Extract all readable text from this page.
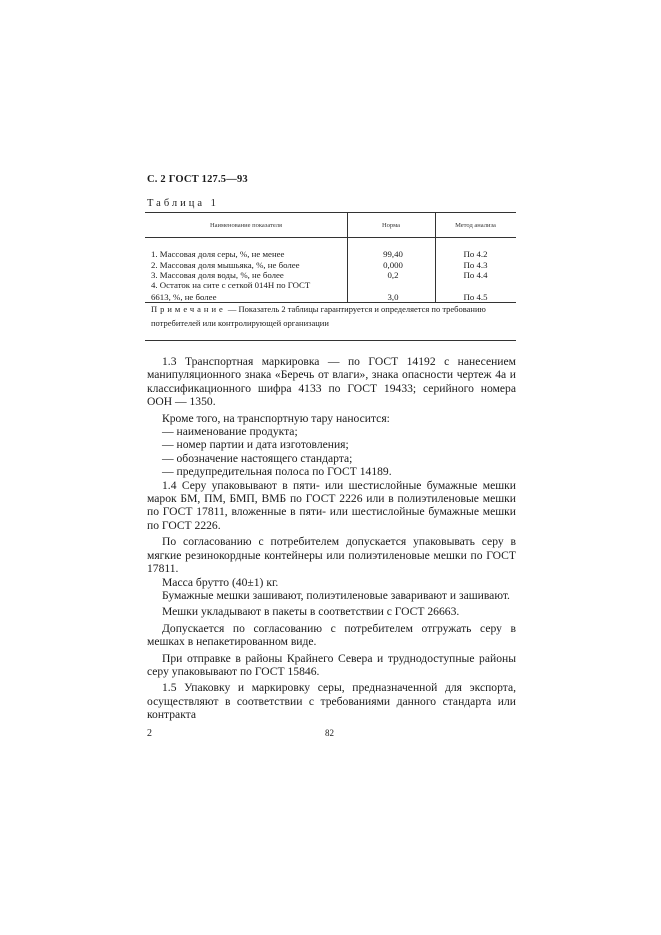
С. 2 ГОСТ 127.5—93
Таблица 1
Наименование показателя	Норма	Метод анализа
1. Массовая доля серы, %, не менее	99,40	По 4.2
2. Массовая доля мышьяка, %, не более	0,000	По 4.3
3. Массовая доля воды, %, не более	0,2	По 4.4
4. Остаток на сите с сеткой 014Н по ГОСТ
6613, %, не более	3,0	По 4.5
Примечание — Показатель 2 таблицы гарантируется и определяется по требованию потребителей или контролирующей организации

1.3 Транспортная маркировка — по ГОСТ 14192 с нанесением манипуляционного знака «Беречь от влаги», знака опасности чертеж 4а и классификационного шифра 4133 по ГОСТ 19433; серийного номера ООН — 1350.

Кроме того, на транспортную тару наносится:

— наименование продукта;

— номер партии и дата изготовления;

— обозначение настоящего стандарта;

— предупредительная полоса по ГОСТ 14189.

1.4 Серу упаковывают в пяти- или шестислойные бумажные мешки марок БМ, ПМ, БМП, ВМБ по ГОСТ 2226 или в полиэтиленовые мешки по ГОСТ 17811, вложенные в пяти- или шестислойные бумажные мешки по ГОСТ 2226.

По согласованию с потребителем допускается упаковывать серу в мягкие резинокордные контейнеры или полиэтиленовые мешки по ГОСТ 17811.

Масса брутто (40±1) кг.

Бумажные мешки зашивают, полиэтиленовые заваривают и зашивают.

Мешки укладывают в пакеты в соответствии с ГОСТ 26663.

Допускается по согласованию с потребителем отгружать серу в мешках в непакетированном виде.

При отправке в районы Крайнего Севера и труднодоступные районы серу упаковывают по ГОСТ 15846.

1.5 Упаковку и маркировку серы, предназначенной для экспорта, осуществляют в соответствии с требованиями данного стандарта или контракта

2	82
